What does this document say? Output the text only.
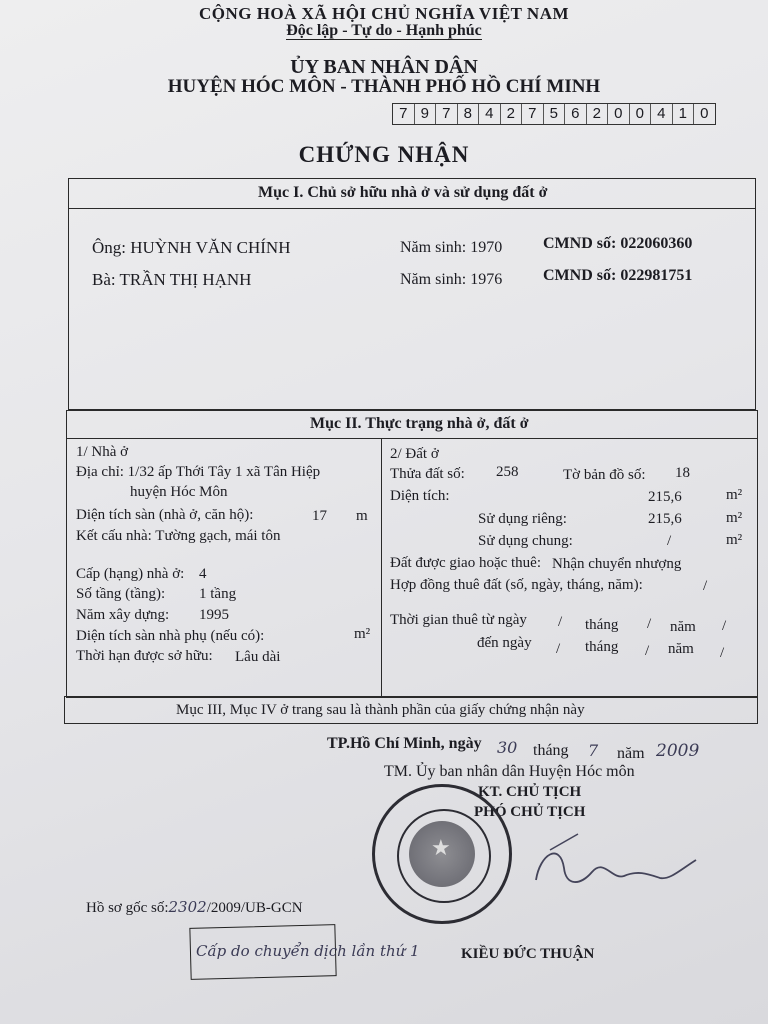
CỘNG HOÀ XÃ HỘI CHỦ NGHĨA VIỆT NAM
Độc lập - Tự do - Hạnh phúc
ỦY BAN NHÂN DÂN
HUYỆN HÓC MÔN - THÀNH PHỐ HỒ CHÍ MINH
7 9 7 8 4 2 7 5 6 2 0 0 4 1 0
CHỨNG NHẬN
Mục I. Chủ sở hữu nhà ở và sử dụng đất ở
Ông: HUỲNH VĂN CHÍNH	Năm sinh: 1970	CMND số: 022060360
Bà: TRẦN THỊ HẠNH	Năm sinh: 1976	CMND số: 022981751
Mục II. Thực trạng nhà ở, đất ở
1/ Nhà ở
Địa chỉ: 1/32 ấp Thới Tây 1 xã Tân Hiệp
huyện Hóc Môn
Diện tích sàn (nhà ở, căn hộ):	17 m
Kết cấu nhà: Tường gạch, mái tôn
Cấp (hạng) nhà ở: 4
Số tầng (tầng): 1 tầng
Năm xây dựng: 1995
Diện tích sàn nhà phụ (nếu có):	m²
Thời hạn được sở hữu: Lâu dài
2/ Đất ở
Thửa đất số: 258	Tờ bản đồ số: 18
Diện tích:	215,6	m²
Sử dụng riêng:	215,6	m²
Sử dụng chung:	/	m²
Đất được giao hoặc thuê: Nhận chuyển nhượng
Hợp đồng thuê đất (số, ngày, tháng, năm):	/
Thời gian thuê từ ngày / tháng / năm /
đến ngày / tháng / năm /
Mục III, Mục IV ở trang sau là thành phần của giấy chứng nhận này
TP.Hồ Chí Minh, ngày 30 tháng 7 năm 2009
TM. Ủy ban nhân dân Huyện Hóc môn
KT. CHỦ TỊCH
PHÓ CHỦ TỊCH
★
KIỀU ĐỨC THUẬN
Hồ sơ gốc số:2302/2009/UB-GCN
Cấp do chuyển dịch lần thứ 1
